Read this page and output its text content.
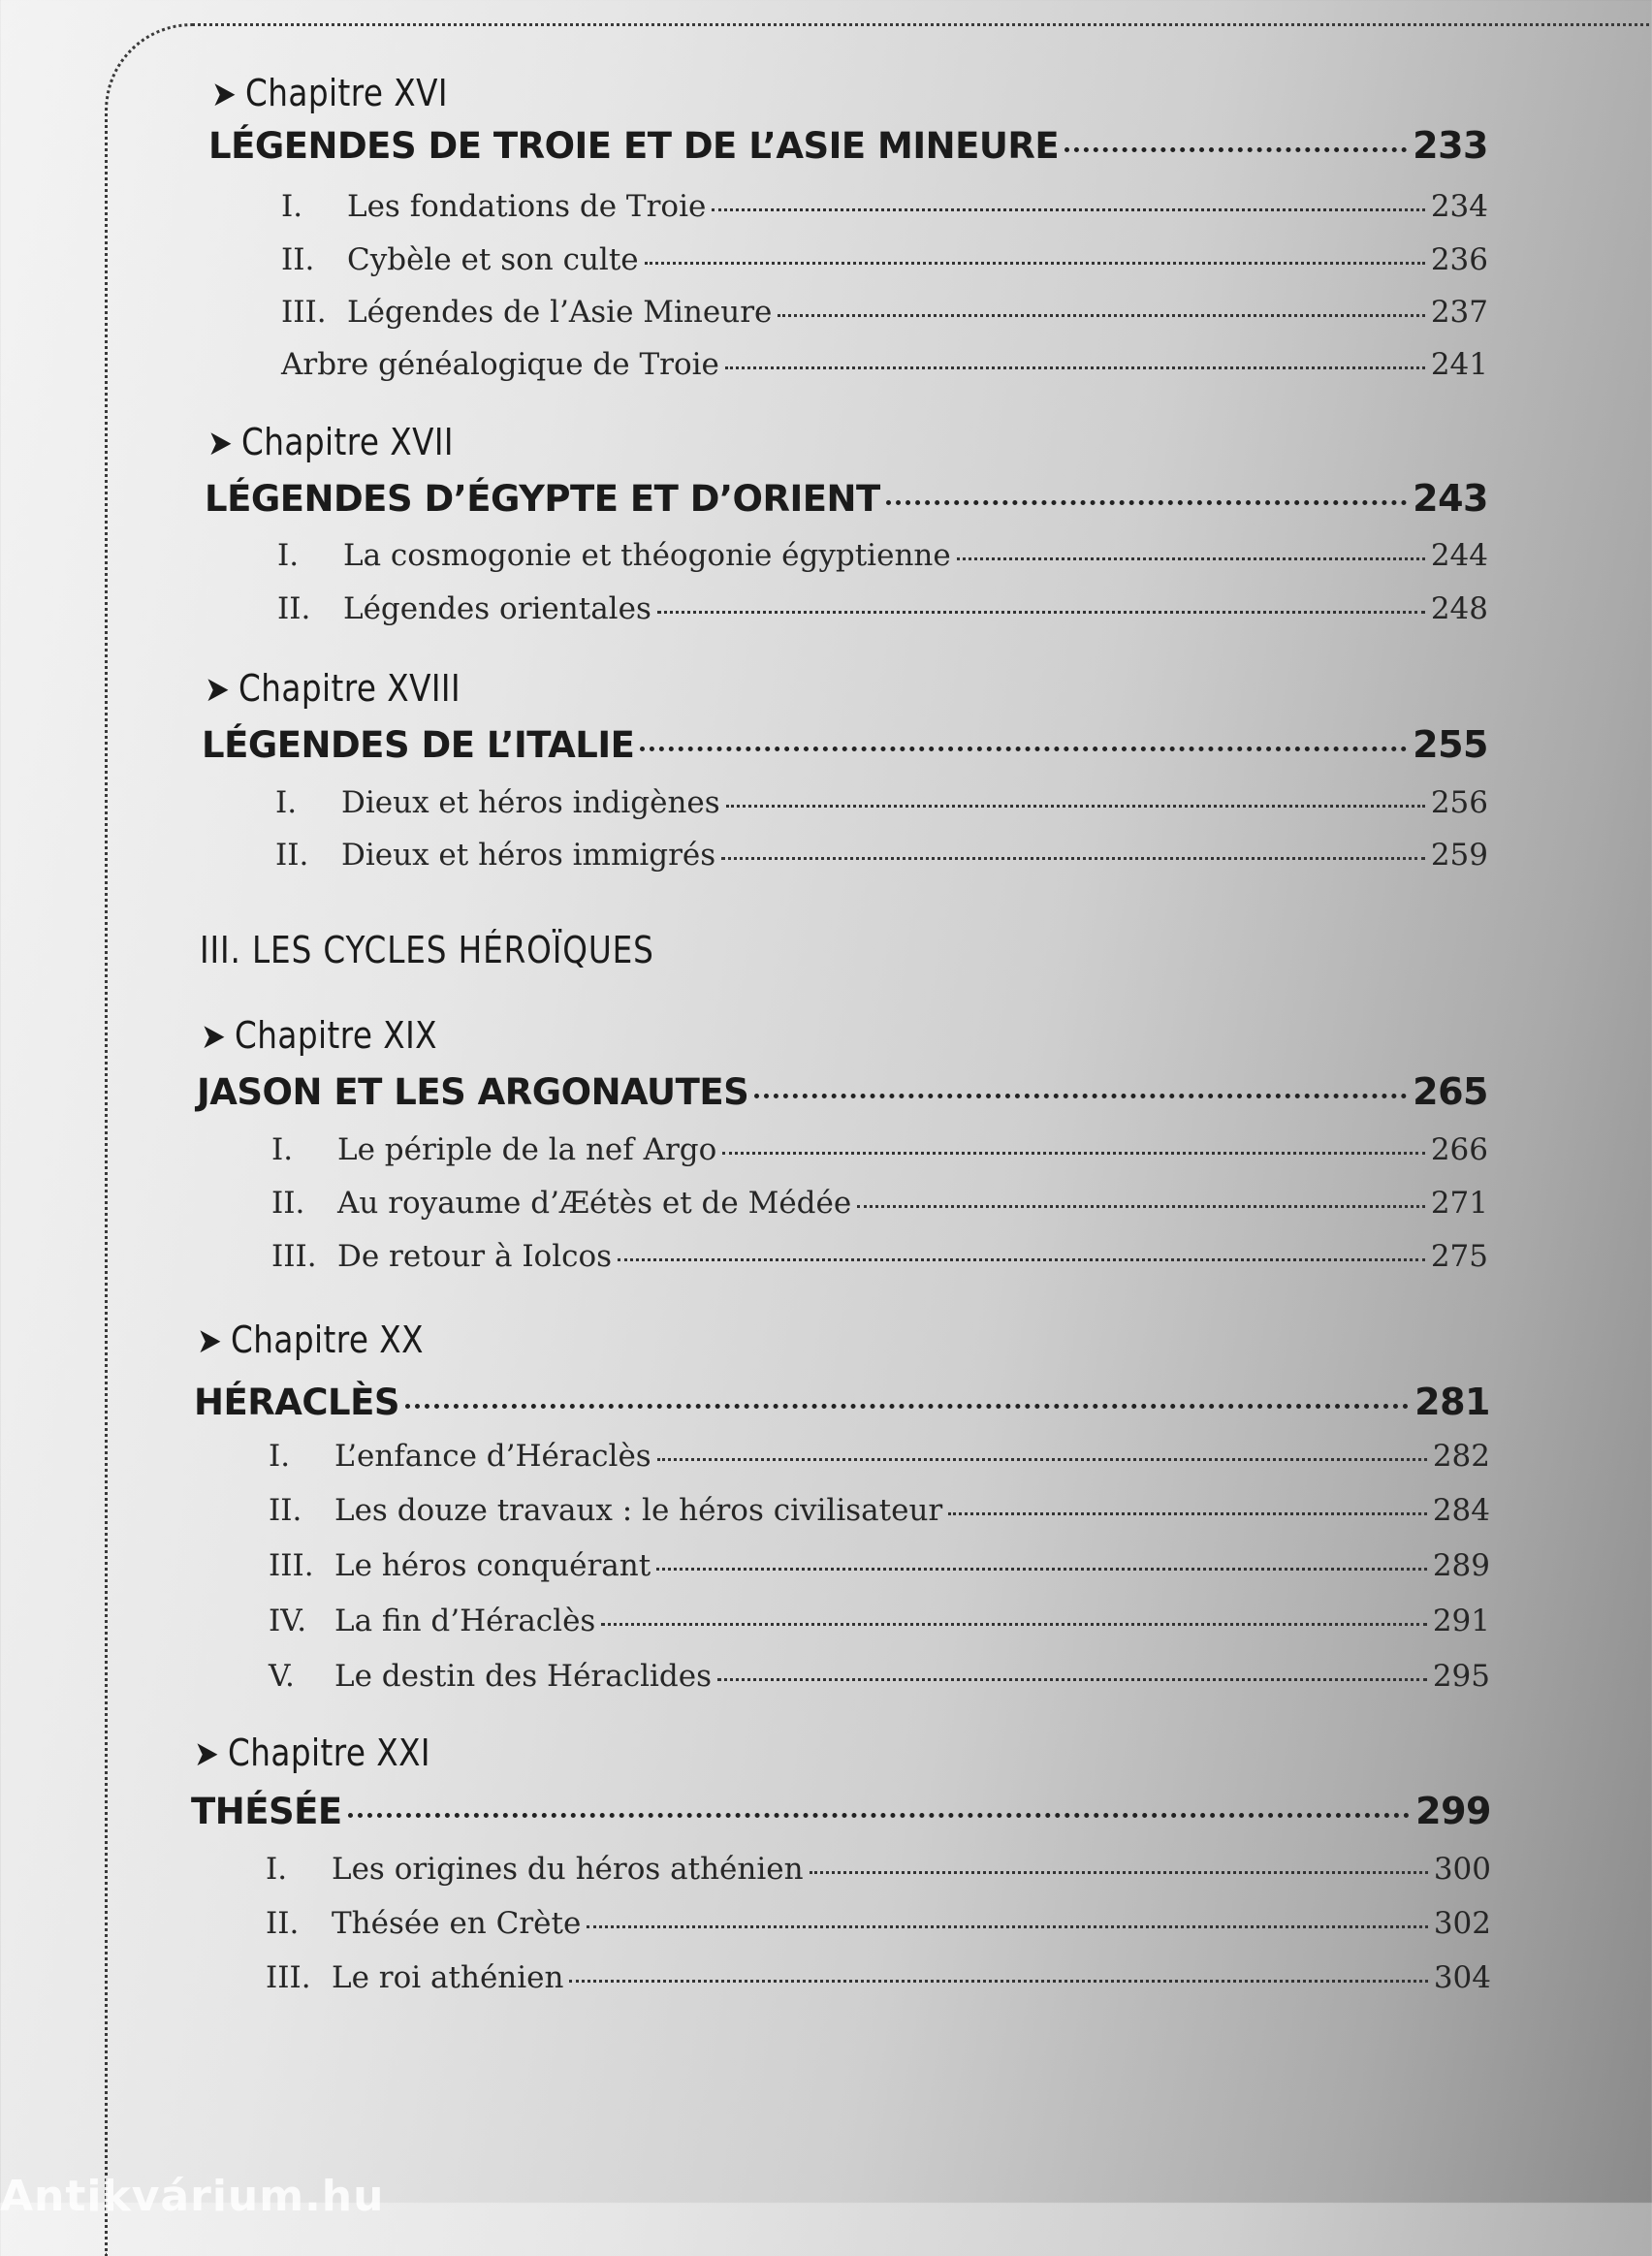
➤ Chapitre XVI
LÉGENDES DE TROIE ET DE L’ASIE MINEURE	233
I.	Les fondations de Troie	234
II.	Cybèle et son culte	236
III. Légendes de l’Asie Mineure	237
Arbre généalogique de Troie	241
➤ Chapitre XVII
LÉGENDES D’ÉGYPTE ET D’ORIENT	243
I.	La cosmogonie et théogonie égyptienne	244
II.	Légendes orientales	248
➤ Chapitre XVIII
LÉGENDES DE L’ITALIE	255
I.	Dieux et héros indigènes	256
II.	Dieux et héros immigrés	259
III. LES CYCLES HÉROÏQUES
➤ Chapitre XIX
JASON ET LES ARGONAUTES	265
I.	Le périple de la nef Argo	266
II.	Au royaume d’Æétès et de Médée	271
III. De retour à Iolcos	275
➤ Chapitre XX
HÉRACLÈS	281
I.	L’enfance d’Héraclès	282
II.	Les douze travaux : le héros civilisateur	284
III. Le héros conquérant	289
IV. La fin d’Héraclès	291
V.	Le destin des Héraclides	295
➤ Chapitre XXI
THÉSÉE	299
I.	Les origines du héros athénien	300
II.	Thésée en Crète	302
III. Le roi athénien	304
Antikvárium.hu
